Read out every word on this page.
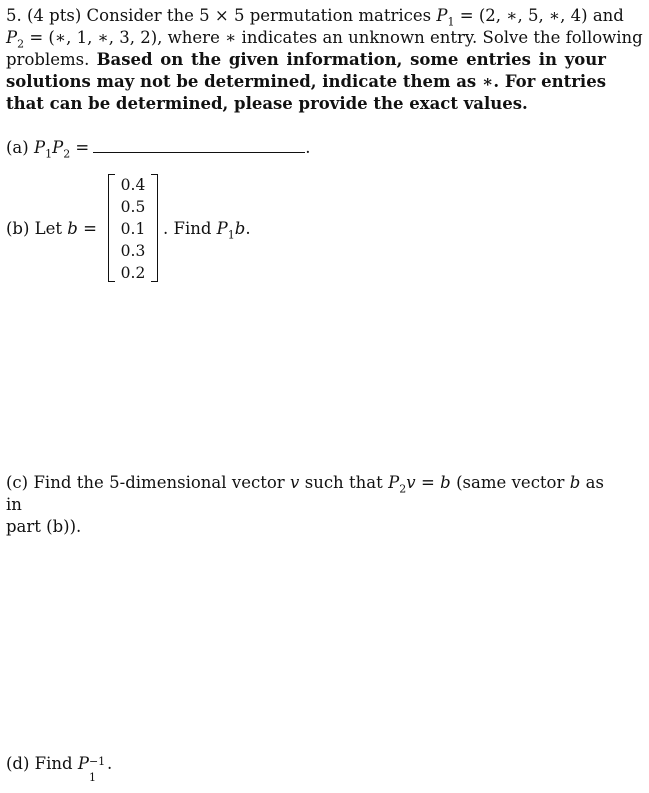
5. (4 pts) Consider the 5 × 5 permutation matrices $P_1 = (2$, ∗, 5, ∗, 4) and

$P_2$ = (∗, 1, ∗, 3, 2), where ∗ indicates an unknown entry. Solve the following

problems. Based on the given information, some entries in your

solutions may not be determined, indicate them as ∗. For entries

that can be determined, please provide the exact values.

(a) $P_1P_2$ =	.
(b) Let b =
0.4
0.5
0.1
0.3
0.2
. Find $P_1b$.
(c) Find the 5-dimensional vector v such that $P_2v = b$ (same vector b as in
part (b)).
(d) Find P −1
1
.
